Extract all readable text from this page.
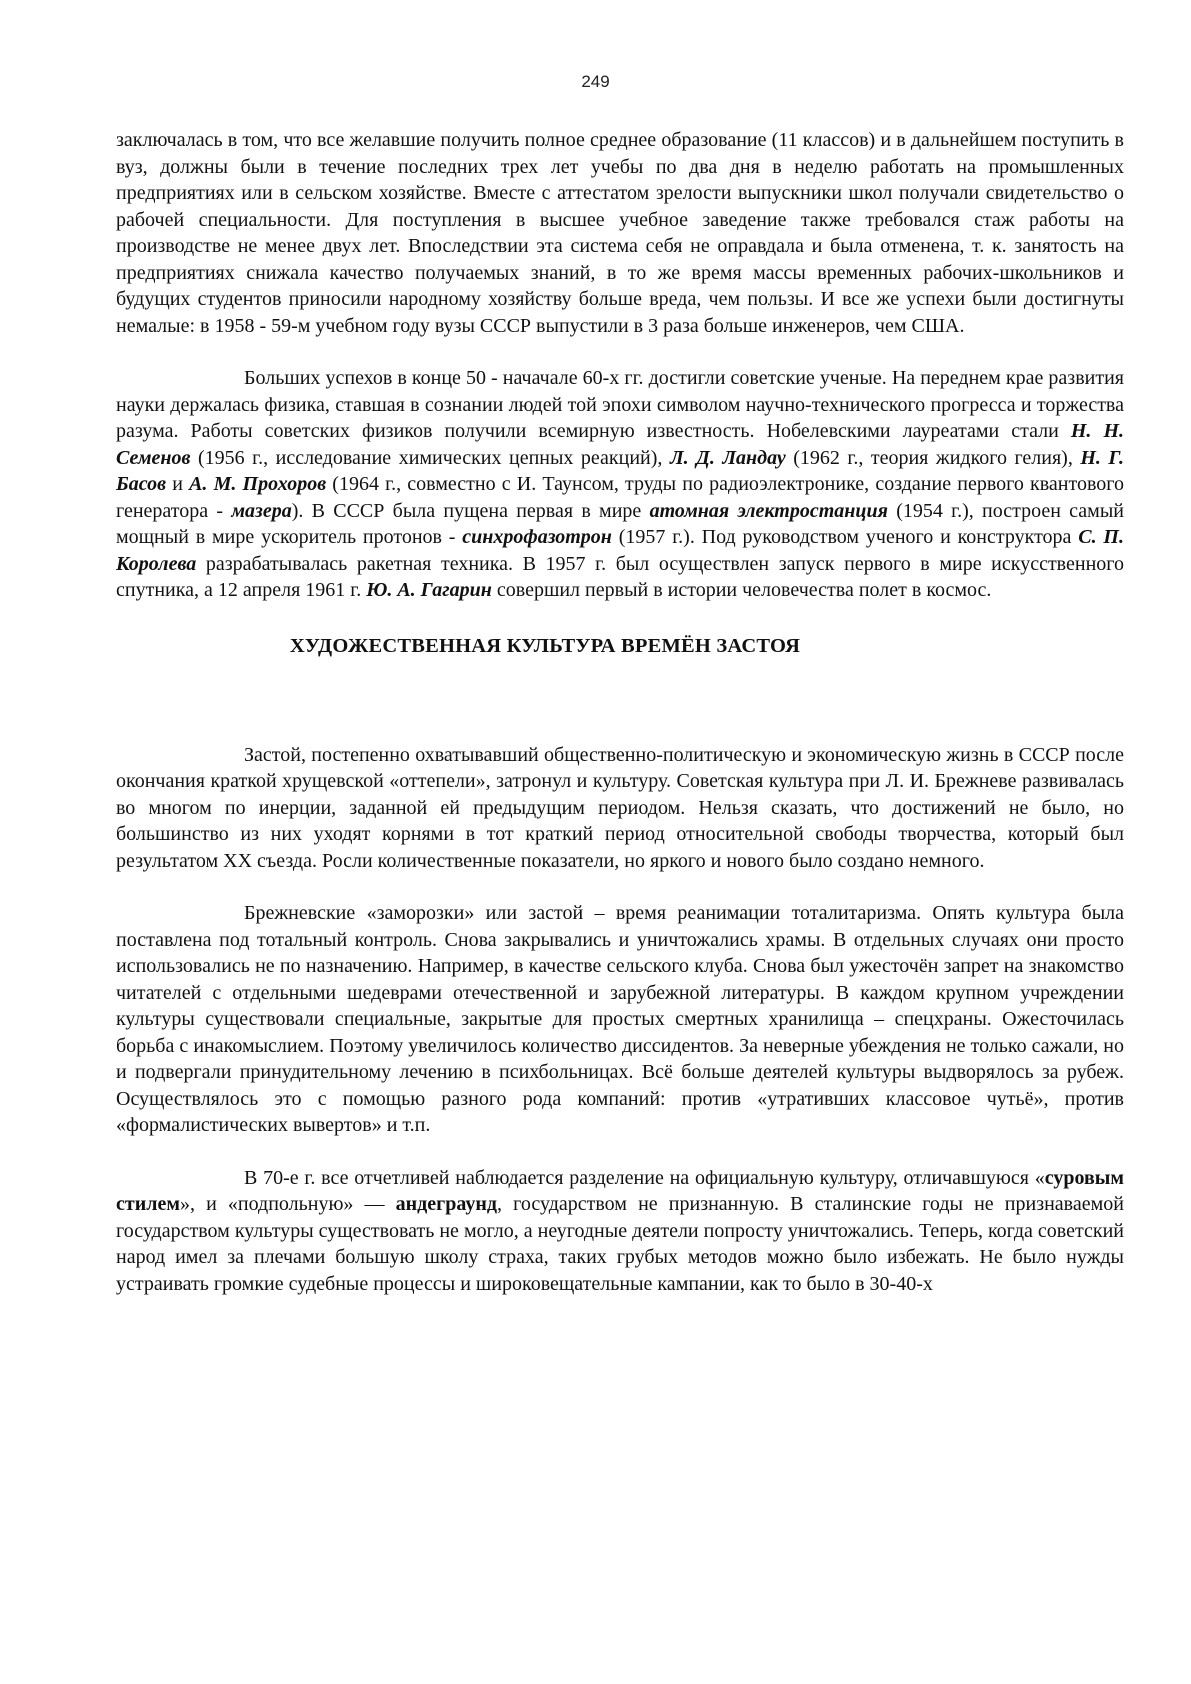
249

заключалась в том, что все желавшие получить полное среднее образование (11 классов) и в дальнейшем поступить в вуз, должны были в течение последних трех лет учебы по два дня в неделю работать на промышленных предприятиях или в сельском хозяйстве. Вместе с аттестатом зрелости выпускники школ получали свидетельство о рабочей специальности. Для поступления в высшее учебное заведение также требовался стаж работы на производстве не менее двух лет. Впоследствии эта система себя не оправдала и была отменена, т. к. занятость на предприятиях снижала качество получаемых знаний, в то же время массы временных рабочих-школьников и будущих студентов приносили народному хозяйству больше вреда, чем пользы. И все же успехи были достигнуты немалые: в 1958 - 59-м учебном году вузы СССР выпустили в 3 раза больше инженеров, чем США.

Больших успехов в конце 50 - начачале 60-х гг. достигли советские ученые. На переднем крае развития науки держалась физика, ставшая в сознании людей той эпохи символом научно-технического прогресса и торжества разума. Работы советских физиков получили всемирную известность. Нобелевскими лауреатами стали Н. Н. Семенов (1956 г., исследование химических цепных реакций), Л. Д. Ландау (1962 г., теория жидкого гелия), Н. Г. Басов и А. М. Прохоров (1964 г., совместно с И. Таунсом, труды по радиоэлектронике, создание первого квантового генератора - мазера). В СССР была пущена первая в мире атомная электростанция (1954 г.), построен самый мощный в мире ускоритель протонов - синхрофазотрон (1957 г.). Под руководством ученого и конструктора С. П. Королева разрабатывалась ракетная техника. В 1957 г. был осуществлен запуск первого в мире искусственного спутника, а 12 апреля 1961 г. Ю. А. Гагарин совершил первый в истории человечества полет в космос.

ХУДОЖЕСТВЕННАЯ КУЛЬТУРА ВРЕМЁН ЗАСТОЯ

Застой, постепенно охватывавший общественно-политическую и экономическую жизнь в СССР после окончания краткой хрущевской «оттепели», затронул и культуру. Советская культура при Л. И. Брежневе развивалась во многом по инерции, заданной ей предыдущим периодом. Нельзя сказать, что достижений не было, но большинство из них уходят корнями в тот краткий период относительной свободы творчества, который был результатом XX съезда. Росли количественные показатели, но яркого и нового было создано немного.

Брежневские «заморозки» или застой – время реанимации тоталитаризма. Опять культура была поставлена под тотальный контроль. Снова закрывались и уничтожались храмы. В отдельных случаях они просто использовались не по назначению. Например, в качестве сельского клуба. Снова был ужесточён запрет на знакомство читателей с отдельными шедеврами отечественной и зарубежной литературы. В каждом крупном учреждении культуры существовали специальные, закрытые для простых смертных хранилища – спецхраны. Ожесточилась борьба с инакомыслием. Поэтому увеличилось количество диссидентов. За неверные убеждения не только сажали, но и подвергали принудительному лечению в психбольницах. Всё больше деятелей культуры выдворялось за рубеж. Осуществлялось это с помощью разного рода компаний: против «утративших классовое чутьё», против «формалистических вывертов» и т.п.

В 70-е г. все отчетливей наблюдается разделение на официальную культуру, отличавшуюся «суровым стилем», и «подпольную» — андеграунд, государством не признанную. В сталинские годы не признаваемой государством культуры существовать не могло, а неугодные деятели попросту уничтожались. Теперь, когда советский народ имел за плечами большую школу страха, таких грубых методов можно было избежать. Не было нужды устраивать громкие судебные процессы и широковещательные кампании, как то было в 30-40-х
